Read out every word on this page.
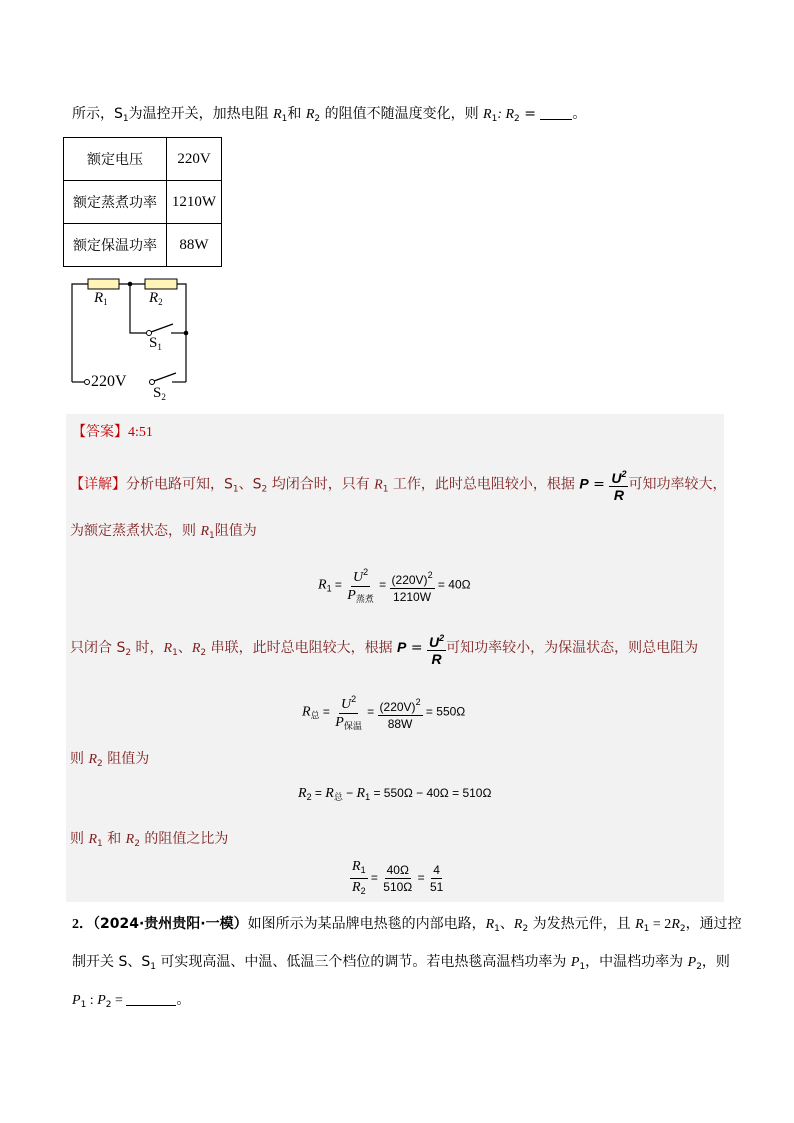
所示，$S_1$为温控开关，加热电阻 $R_1$和 $R_2$ 的阻值不随温度变化，则 $R_1$: $R_2$ = 。
额定电压	220V
额定蒸煮功率	1210W
额定保温功率	88W
$R_1$	$R_2$
$S_1$
220V
$S_2$
【答案】4:51
【详解】分析电路可知，$S_1$、$S_2$ 均闭合时，只有 $R_1$ 工作，此时总电阻较小，根据 $P = \frac{U^2}{R}$ 可知功率较大，
为额定蒸煮状态，则 $R_1$阻值为
$R_1 = \frac{U^2}{P_{蒸煮}} = \frac{(220V)^2}{1210W} = 40\Omega$
只闭合 $S_2$ 时，$R_1$、$R_2$ 串联，此时总电阻较大，根据 $P = \frac{U^2}{R}$ 可知功率较小，为保温状态，则总电阻为
$R_总 = \frac{U^2}{P_{保温}} = \frac{(220V)^2}{88W} = 550\Omega$
则 $R_2$ 阻值为
$R_2 = R_总 - R_1 = 550\Omega - 40\Omega = 510\Omega$
则 $R_1$ 和 $R_2$ 的阻值之比为
$\frac{R_1}{R_2} = \frac{40\Omega}{510\Omega} = \frac{4}{51}$
2．（2024·贵州贵阳·一模）如图所示为某品牌电热毯的内部电路，$R_1$、$R_2$ 为发热元件，且 $R_1 = 2R_2$，通过控
制开关 S、$S_1$ 可实现高温、中温、低温三个档位的调节。若电热毯高温档功率为 $P_1$，中温档功率为 $P_2$，则
$P_1$ : $P_2$ =	。
